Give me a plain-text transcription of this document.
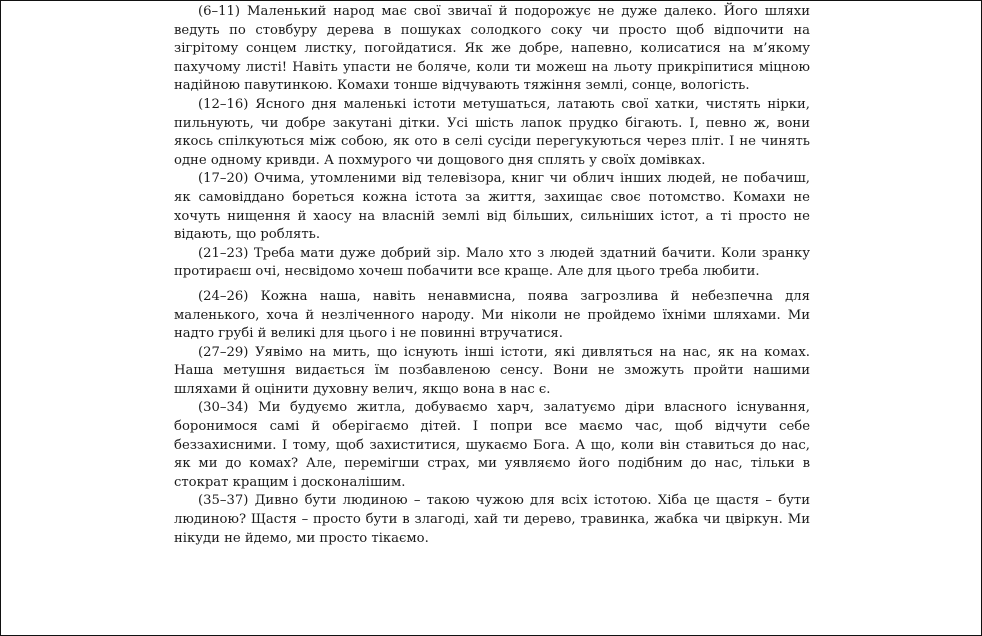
(6–11) Маленький народ має свої звичаї й подорожує не дуже далеко. Його шляхи ведуть по стовбуру дерева в пошуках солодкого соку чи просто щоб відпочити на зігрітому сонцем листку, погойдатися. Як же добре, напевно, колисатися на м’якому пахучому листі! Навіть упасти не боляче, коли ти можеш на льоту прикріпитися міцною надійною павутинкою. Комахи тонше відчувають тяжіння землі, сонце, вологість.

(12–16) Ясного дня маленькі істоти метушаться, латають свої хатки, чистять нірки, пильнують, чи добре закутані дітки. Усі шість лапок прудко бігають. І, певно ж, вони якось спілкуються між собою, як ото в селі сусіди перегукуються через пліт. І не чинять одне одному кривди. А похмурого чи дощового дня сплять у своїх домівках.

(17–20) Очима, утомленими від телевізора, книг чи облич інших людей, не побачиш, як самовіддано бореться кожна істота за життя, захищає своє потомство. Комахи не хочуть нищення й хаосу на власній землі від більших, сильніших істот, а ті просто не відають, що роблять.

(21–23) Треба мати дуже добрий зір. Мало хто з людей здатний бачити. Коли зранку протираєш очі, несвідомо хочеш побачити все краще. Але для цього треба любити.

(24–26) Кожна наша, навіть ненавмисна, поява загрозлива й небезпечна для маленького, хоча й незліченного народу. Ми ніколи не пройдемо їхніми шляхами. Ми надто грубі й великі для цього і не повинні втручатися.

(27–29) Уявімо на мить, що існують інші істоти, які дивляться на нас, як на комах. Наша метушня видається їм позбавленою сенсу. Вони не зможуть пройти нашими шляхами й оцінити духовну велич, якщо вона в нас є.

(30–34) Ми будуємо житла, добуваємо харч, залатуємо діри власного існування, боронимося самі й оберігаємо дітей. І попри все маємо час, щоб відчути себе беззахисними. І тому, щоб захиститися, шукаємо Бога. А що, коли він ставиться до нас, як ми до комах? Але, перемігши страх, ми уявляємо його подібним до нас, тільки в стократ кращим і досконалішим.

(35–37) Дивно бути людиною – такою чужою для всіх істотою. Хіба це щастя – бути людиною? Щастя – просто бути в злагоді, хай ти дерево, травинка, жабка чи цвіркун. Ми нікуди не йдемо, ми просто тікаємо.
